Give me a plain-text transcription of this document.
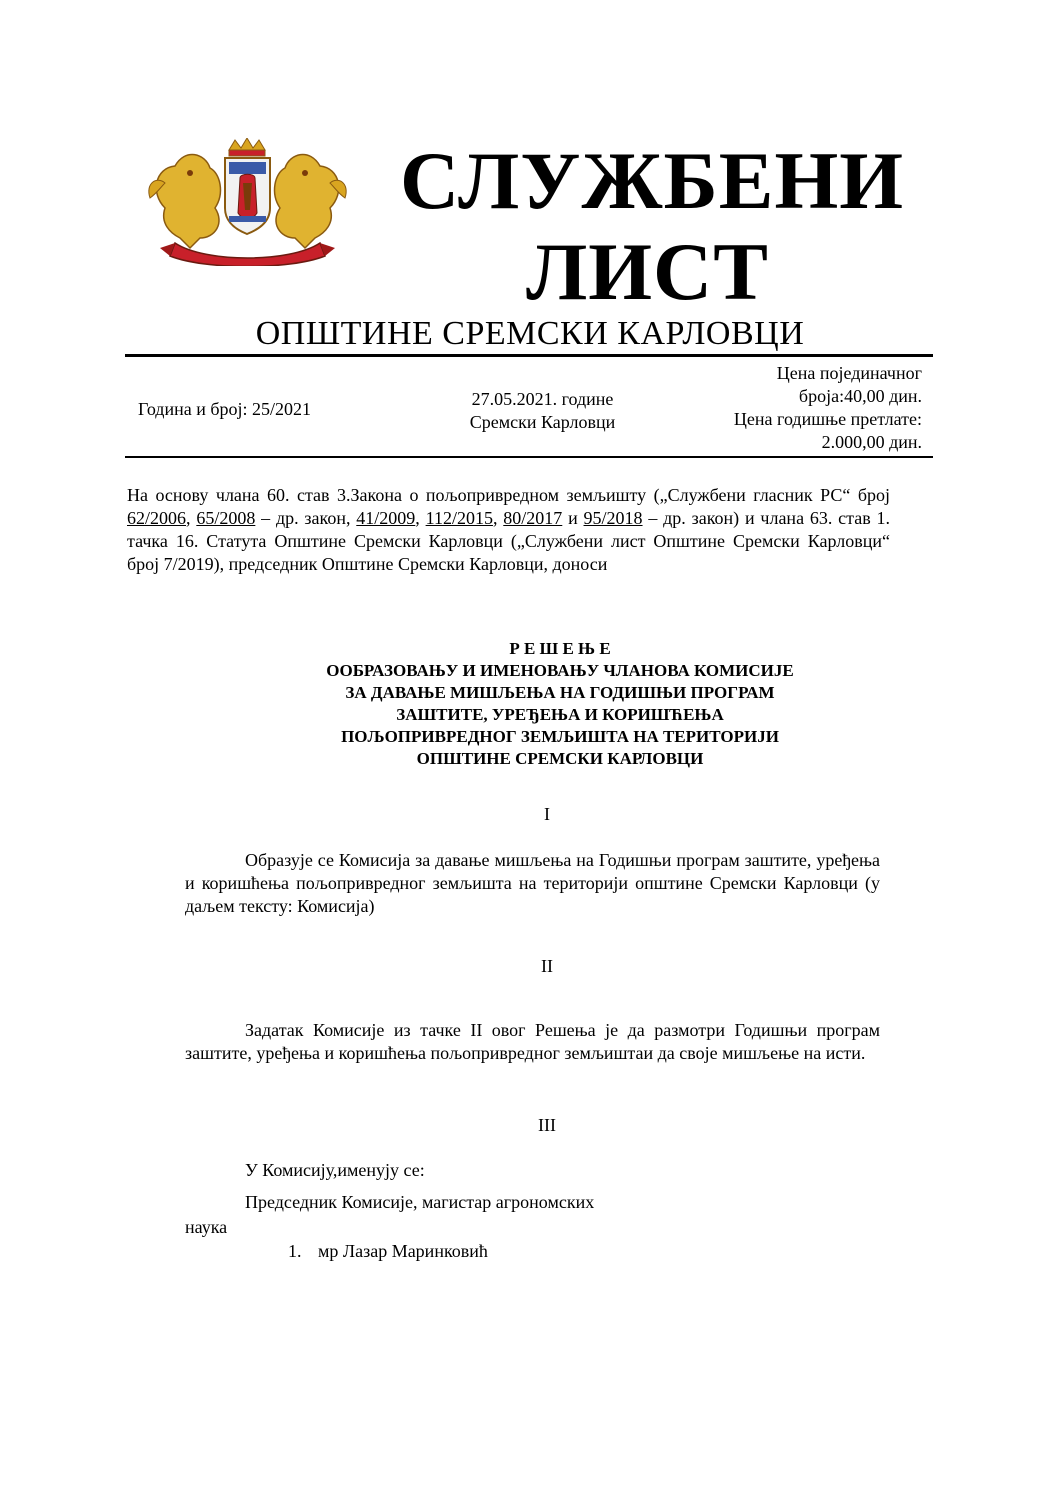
СЛУЖБЕНИ
ЛИСТ
ОПШТИНЕ СРЕМСКИ КАРЛОВЦИ
Година и број: 25/2021	27.05.2021. године
Сремски Карловци
Цена појединачног
броја:40,00 дин.
Цена годишње претлате:
2.000,00 дин.
На основу члана 60. став 3.Закона о пољопривредном земљишту („Службени гласник РС“ број 62/2006, 65/2008 – др. закон, 41/2009, 112/2015, 80/2017 и 95/2018 – др. закон) и члана 63. став 1. тачка 16. Статута Општине Сремски Карловци („Службени лист Општине Сремски Карловци“ број 7/2019), председник Општине Сремски Карловци, доноси
Р Е Ш Е Њ Е
ООБРАЗОВАЊУ И ИМЕНОВАЊУ ЧЛАНОВА КОМИСИЈЕ
ЗА ДАВАЊЕ МИШЉЕЊА НА ГОДИШЊИ ПРОГРАМ
ЗАШТИТЕ, УРЕЂЕЊА И КОРИШЋЕЊА
ПОЉОПРИВРЕДНОГ ЗЕМЉИШТА НА ТЕРИТОРИЈИ
ОПШТИНЕ СРЕМСКИ КАРЛОВЦИ
I
Образује се Комисија за давање мишљења на Годишњи програм заштите, уређења и коришћења пољопривредног земљишта на територији општине Сремски Карловци (у даљем тексту: Комисија)
II
Задатак Комисије из тачке II овог Решења је да размотри Годишњи програм заштите, уређења и коришћења пољопривредног земљиштаи да своје мишљење на исти.
III
У Комисију,именују се:
Председник Комисије, магистар агрономских
наука
1. мр Лазар Маринковић
